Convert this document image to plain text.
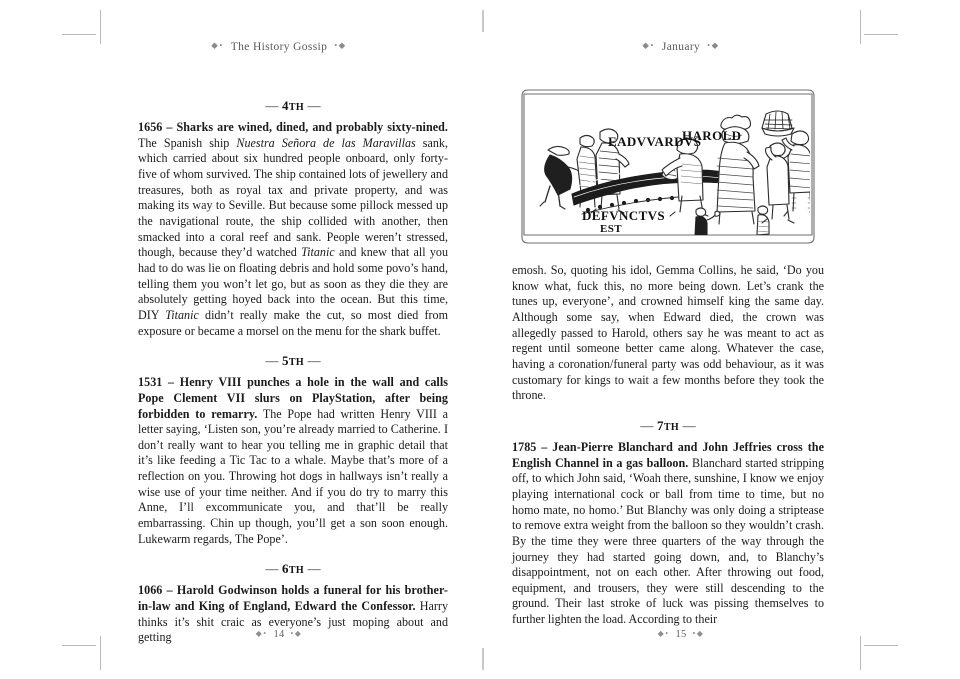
◆• The History Gossip •◆
— 4TH —

1656 – Sharks are wined, dined, and probably sixty-nined. The Spanish ship Nuestra Señora de las Maravillas sank, which carried about six hundred people onboard, only forty-five of whom survived. The ship contained lots of jewellery and treasures, both as royal tax and private property, and was making its way to Seville. But because some pillock messed up the navigational route, the ship collided with another, then smacked into a coral reef and sank. People weren’t stressed, though, because they’d watched Titanic and knew that all you had to do was lie on floating debris and hold some povo’s hand, telling them you won’t let go, but as soon as they die they are absolutely getting hoyed back into the ocean. But this time, DIY Titanic didn’t really make the cut, so most died from exposure or became a morsel on the menu for the shark buffet.

— 5TH —

1531 – Henry VIII punches a hole in the wall and calls Pope Clement VII slurs on PlayStation, after being forbidden to remarry. The Pope had written Henry VIII a letter saying, ‘Listen son, you’re already married to Catherine. I don’t really want to hear you telling me in graphic detail that it’s like feeding a Tic Tac to a whale. Maybe that’s more of a reflection on you. Throwing hot dogs in hallways isn’t really a wise use of your time neither. And if you do try to marry this Anne, I’ll excommunicate you, and that’ll be really embarrassing. Chin up though, you’ll get a son soon enough. Lukewarm regards, The Pope’.

— 6TH —

1066 – Harold Godwinson holds a funeral for his brother-in-law and King of England, Edward the Confessor. Harry thinks it’s shit craic as everyone’s just moping about and getting	◆• 14 •◆
◆• January •◆
EADVVARDVS
HAROLD
DEFVNCTVS
EST

emosh. So, quoting his idol, Gemma Collins, he said, ‘Do you know what, fuck this, no more being down. Let’s crank the tunes up, everyone’, and crowned himself king the same day. Although some say, when Edward died, the crown was allegedly passed to Harold, others say he was meant to act as regent until someone better came along. Whatever the case, having a coronation/funeral party was odd behaviour, as it was customary for kings to wait a few months before they took the throne.

— 7TH —

1785 – Jean-Pierre Blanchard and John Jeffries cross the English Channel in a gas balloon. Blanchard started stripping off, to which John said, ‘Woah there, sunshine, I know we enjoy playing international cock or ball from time to time, but no homo mate, no homo.’ But Blanchy was only doing a striptease to remove extra weight from the balloon so they wouldn’t crash. By the time they were three quarters of the way through the journey they had started going down, and, to Blanchy’s disappointment, not on each other. After throwing out food, equipment, and trousers, they were still descending to the ground. Their last stroke of luck was pissing themselves to further lighten the load. According to their

◆• 15 •◆
